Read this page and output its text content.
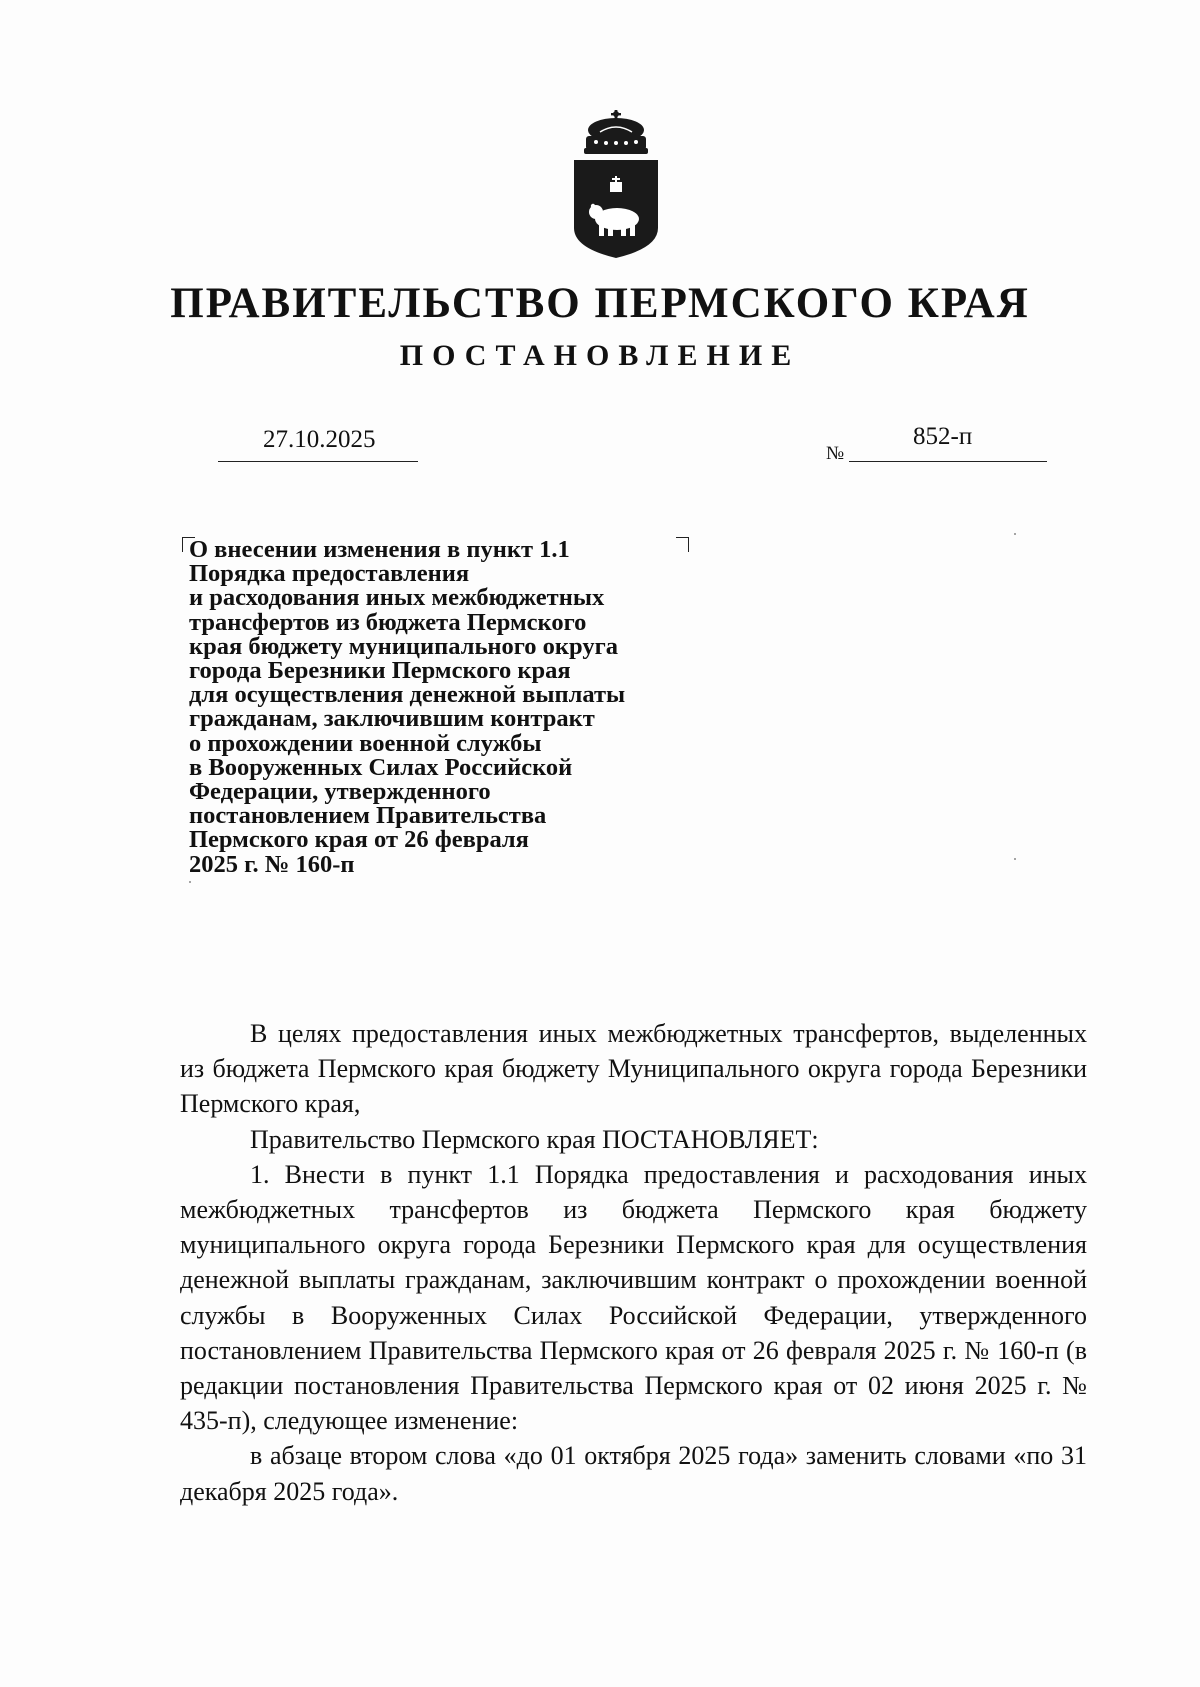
ПРАВИТЕЛЬСТВО ПЕРМСКОГО КРАЯ
ПОСТАНОВЛЕНИЕ
27.10.2025
№
852-п
О внесении изменения в пункт 1.1
Порядка предоставления
и расходования иных межбюджетных
трансфертов из бюджета Пермского
края бюджету муниципального округа
города Березники Пермского края
для осуществления денежной выплаты
гражданам, заключившим контракт
о прохождении военной службы
в Вооруженных Силах Российской
Федерации, утвержденного
постановлением Правительства
Пермского края от 26 февраля
2025 г. № 160-п

В целях предоставления иных межбюджетных трансфертов, выделенных из бюджета Пермского края бюджету Муниципального округа города Березники Пермского края,

Правительство Пермского края ПОСТАНОВЛЯЕТ:

1. Внести в пункт 1.1 Порядка предоставления и расходования иных межбюджетных трансфертов из бюджета Пермского края бюджету муниципального округа города Березники Пермского края для осуществления денежной выплаты гражданам, заключившим контракт о прохождении военной службы в Вооруженных Силах Российской Федерации, утвержденного постановлением Правительства Пермского края от 26 февраля 2025 г. № 160-п (в редакции постановления Правительства Пермского края от 02 июня 2025 г. № 435-п), следующее изменение:

в абзаце втором слова «до 01 октября 2025 года» заменить словами «по 31 декабря 2025 года».
